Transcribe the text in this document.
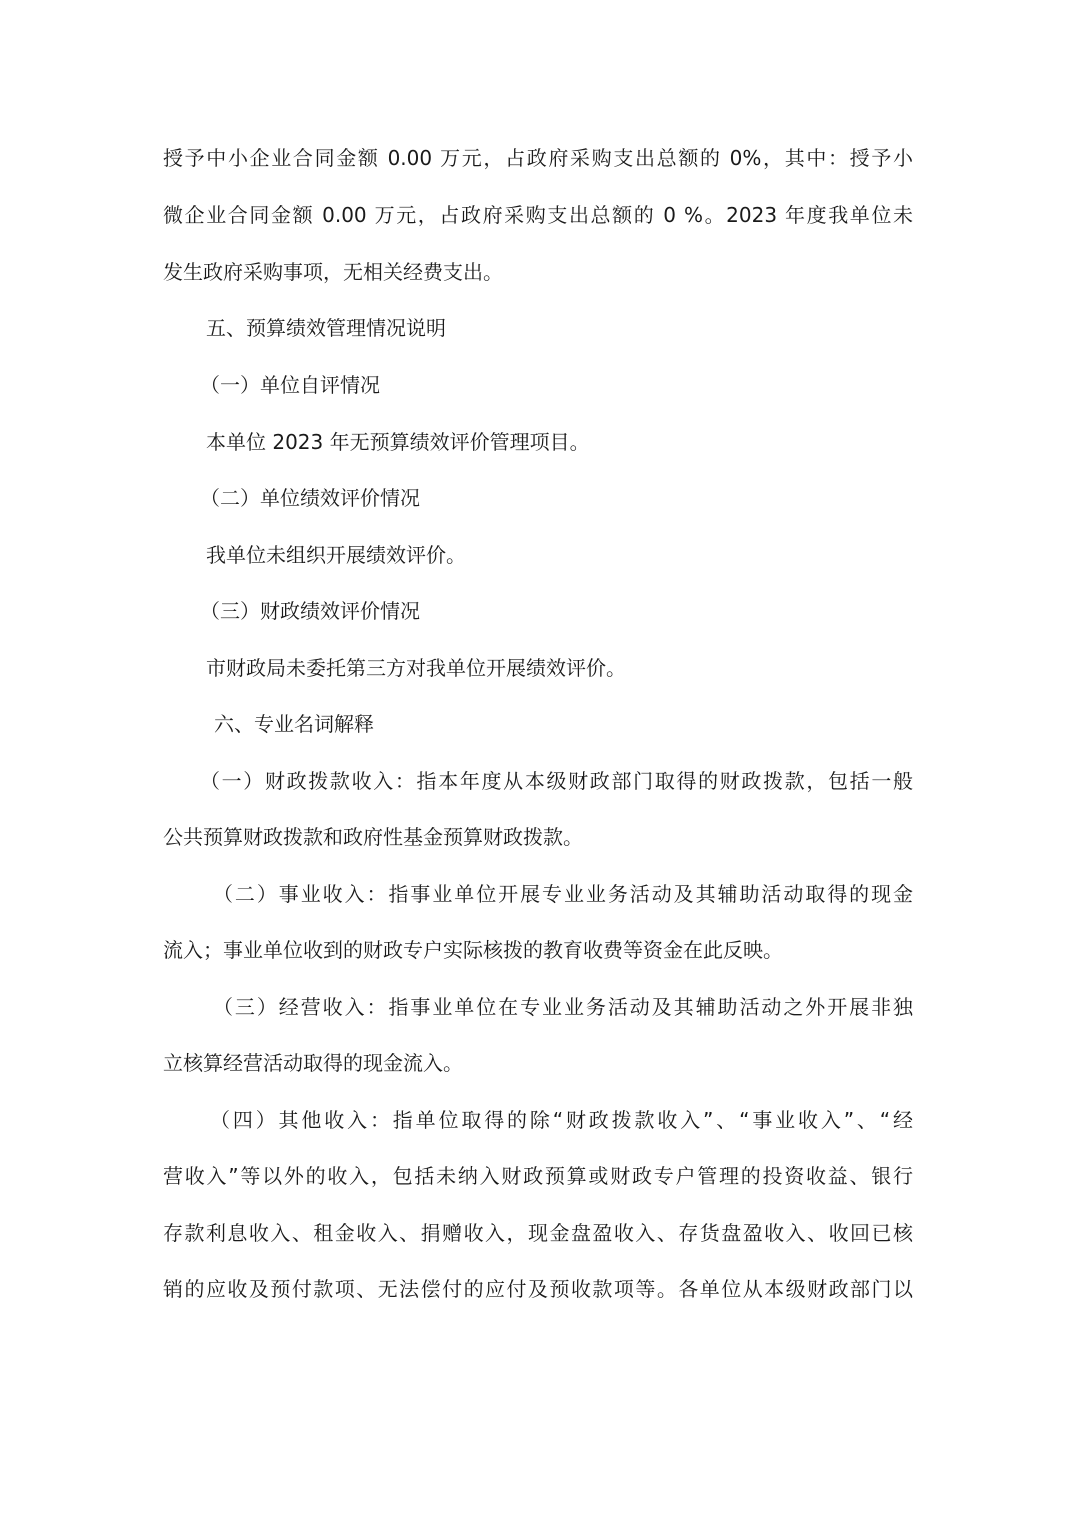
授予中小企业合同金额 0.00 万元，占政府采购支出总额的 0%，其中：授予小
微企业合同金额 0.00 万元，占政府采购支出总额的 0 %。2023 年度我单位未
发生政府采购事项，无相关经费支出。
五、预算绩效管理情况说明
（一）单位自评情况
本单位 2023 年无预算绩效评价管理项目。
（二）单位绩效评价情况
我单位未组织开展绩效评价。
（三）财政绩效评价情况
市财政局未委托第三方对我单位开展绩效评价。
六、专业名词解释
（一）财政拨款收入：指本年度从本级财政部门取得的财政拨款，包括一般
公共预算财政拨款和政府性基金预算财政拨款。
（二）事业收入：指事业单位开展专业业务活动及其辅助活动取得的现金
流入；事业单位收到的财政专户实际核拨的教育收费等资金在此反映。
（三）经营收入：指事业单位在专业业务活动及其辅助活动之外开展非独
立核算经营活动取得的现金流入。
（四）其他收入：指单位取得的除“财政拨款收入”、“事业收入”、“经
营收入”等以外的收入，包括未纳入财政预算或财政专户管理的投资收益、银行
存款利息收入、租金收入、捐赠收入，现金盘盈收入、存货盘盈收入、收回已核
销的应收及预付款项、无法偿付的应付及预收款项等。各单位从本级财政部门以
